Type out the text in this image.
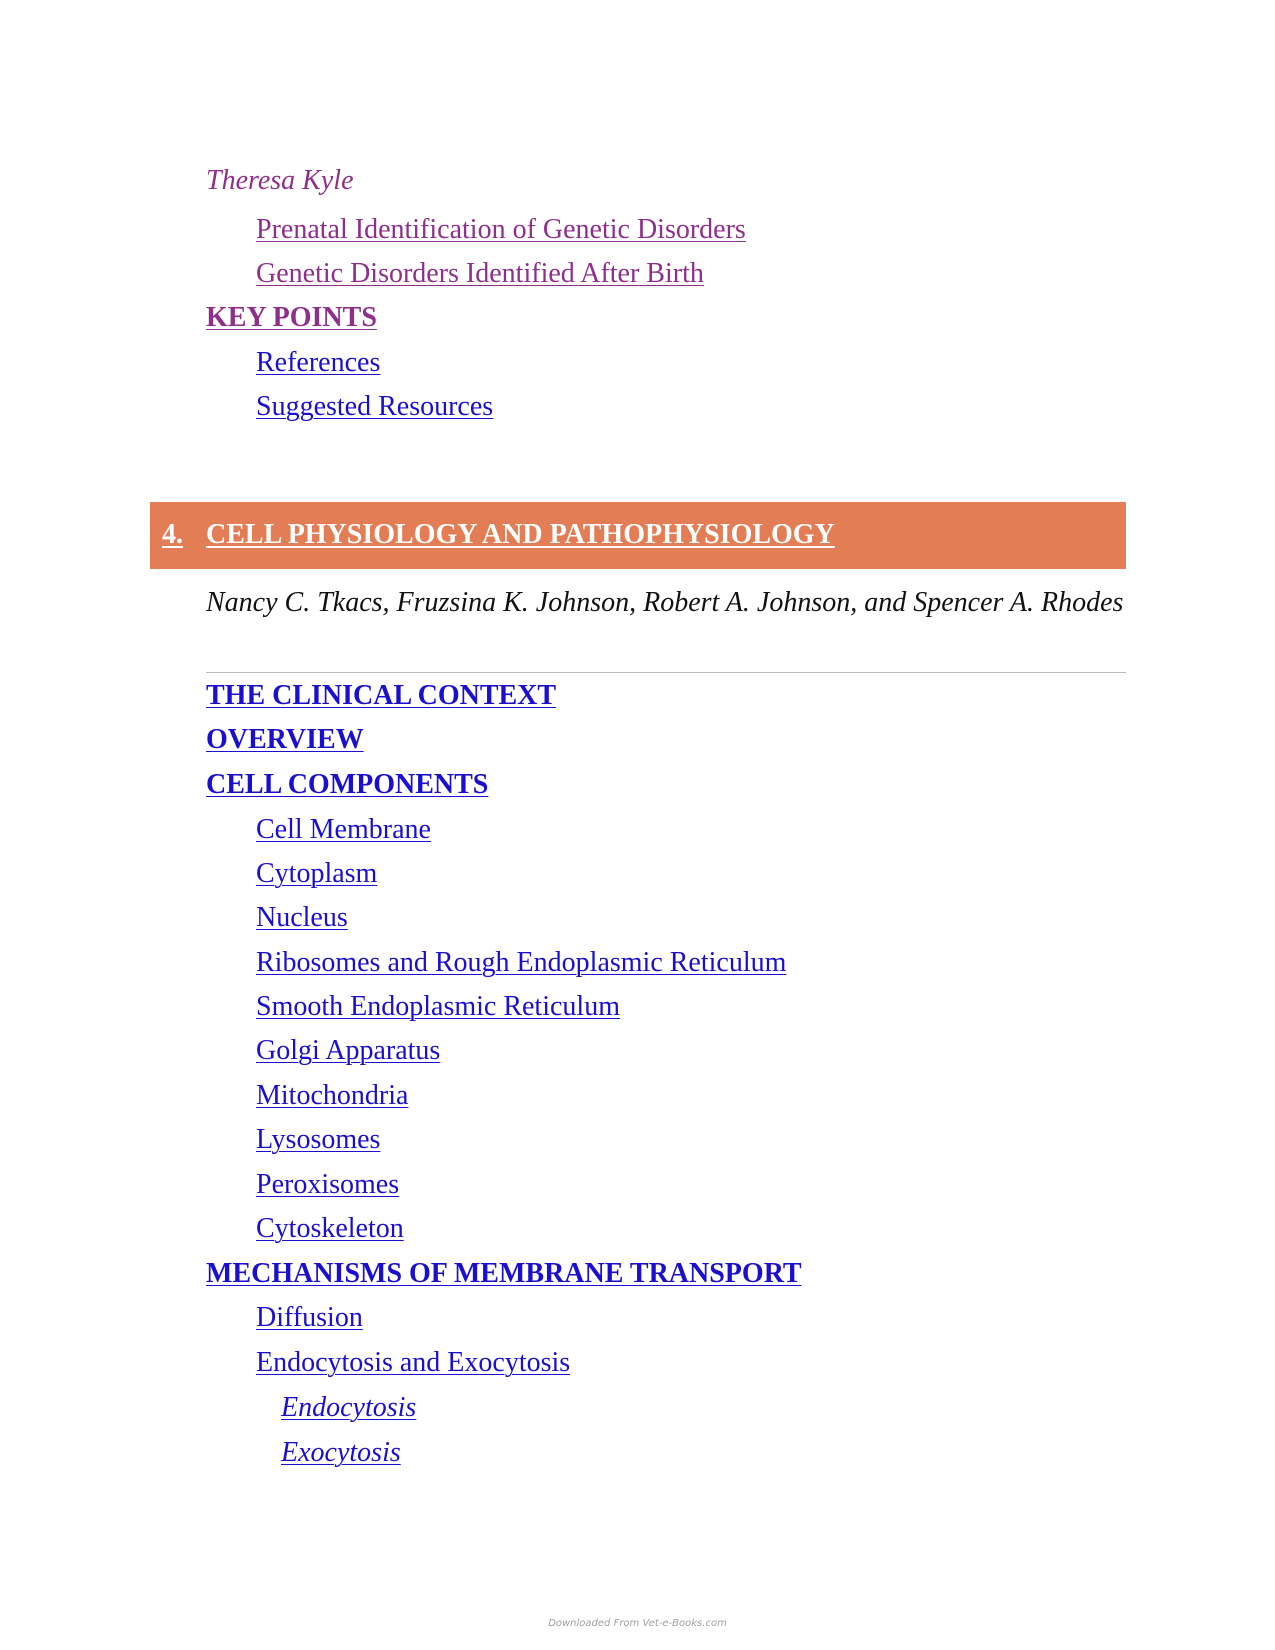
Theresa Kyle
Prenatal Identification of Genetic Disorders
Genetic Disorders Identified After Birth
KEY POINTS
References
Suggested Resources
4. CELL PHYSIOLOGY AND PATHOPHYSIOLOGY
Nancy C. Tkacs, Fruzsina K. Johnson, Robert A. Johnson, and Spencer A. Rhodes
THE CLINICAL CONTEXT
OVERVIEW
CELL COMPONENTS
Cell Membrane
Cytoplasm
Nucleus
Ribosomes and Rough Endoplasmic Reticulum
Smooth Endoplasmic Reticulum
Golgi Apparatus
Mitochondria
Lysosomes
Peroxisomes
Cytoskeleton
MECHANISMS OF MEMBRANE TRANSPORT
Diffusion
Endocytosis and Exocytosis
Endocytosis
Exocytosis
Downloaded From Vet-e-Books.com
